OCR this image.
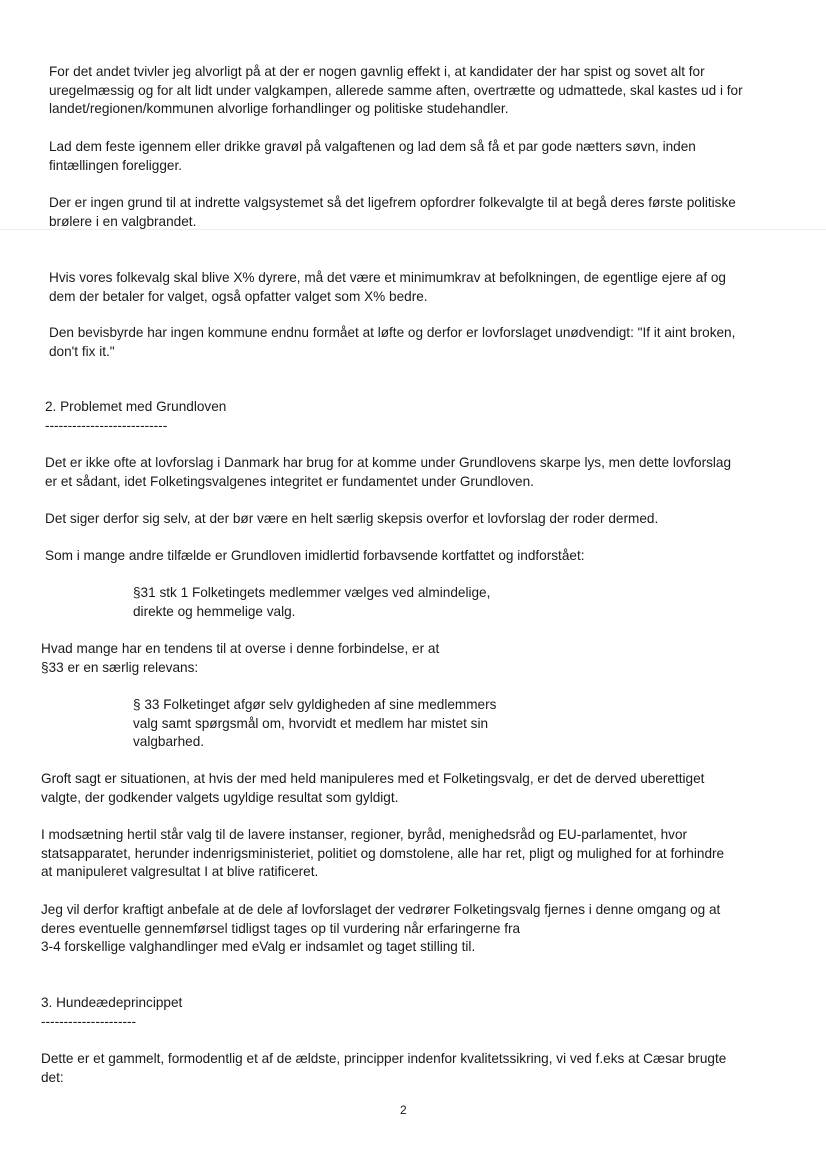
For det andet tvivler jeg alvorligt på at der er nogen gavnlig effekt i, at kandidater der har spist og sovet alt for
uregelmæssig og for alt lidt under valgkampen, allerede samme aften, overtrætte og udmattede, skal kastes ud i for
landet/regionen/kommunen alvorlige forhandlinger og politiske studehandler.

Lad dem feste igennem eller drikke gravøl på valgaftenen og lad dem så få et par gode nætters søvn, inden
fintællingen foreligger.

Der er ingen grund til at indrette valgsystemet så det ligefrem opfordrer folkevalgte til at begå deres første politiske
brølere i en valgbrandet.

Hvis vores folkevalg skal blive X% dyrere, må det være et minimumkrav at befolkningen, de egentlige ejere af og
dem der betaler for valget, også opfatter valget som X% bedre.

Den bevisbyrde har ingen kommune endnu formået at løfte og derfor er lovforslaget unødvendigt: "If it aint broken,
don't fix it."

2. Problemet med Grundloven
---------------------------

Det er ikke ofte at lovforslag i Danmark har brug for at komme under Grundlovens skarpe lys, men dette lovforslag
er et sådant, idet Folketingsvalgenes integritet er fundamentet under Grundloven.

Det siger derfor sig selv, at der bør være en helt særlig skepsis overfor et lovforslag der roder dermed.

Som i mange andre tilfælde er Grundloven imidlertid forbavsende kortfattet og indforstået:

§31 stk 1 Folketingets medlemmer vælges ved almindelige,
direkte og hemmelige valg.

Hvad mange har en tendens til at overse i denne forbindelse, er at
§33 er en særlig relevans:

§ 33 Folketinget afgør selv gyldigheden af sine medlemmers
valg samt spørgsmål om, hvorvidt et medlem har mistet sin
valgbarhed.

Groft sagt er situationen, at hvis der med held manipuleres med et Folketingsvalg, er det de derved uberettiget
valgte, der godkender valgets ugyldige resultat som gyldigt.

I modsætning hertil står valg til de lavere instanser, regioner, byråd, menighedsråd og EU-parlamentet, hvor
statsapparatet, herunder indenrigsministeriet, politiet og domstolene, alle har ret, pligt og mulighed for at forhindre
at manipuleret valgresultat I at blive ratificeret.

Jeg vil derfor kraftigt anbefale at de dele af lovforslaget der vedrører Folketingsvalg fjernes i denne omgang og at
deres eventuelle gennemførsel tidligst tages op til vurdering når erfaringerne fra
3-4 forskellige valghandlinger med eValg er indsamlet og taget stilling til.

3. Hundeædeprincippet
---------------------

Dette er et gammelt, formodentlig et af de ældste, principper indenfor kvalitetssikring, vi ved f.eks at Cæsar brugte
det:

2
